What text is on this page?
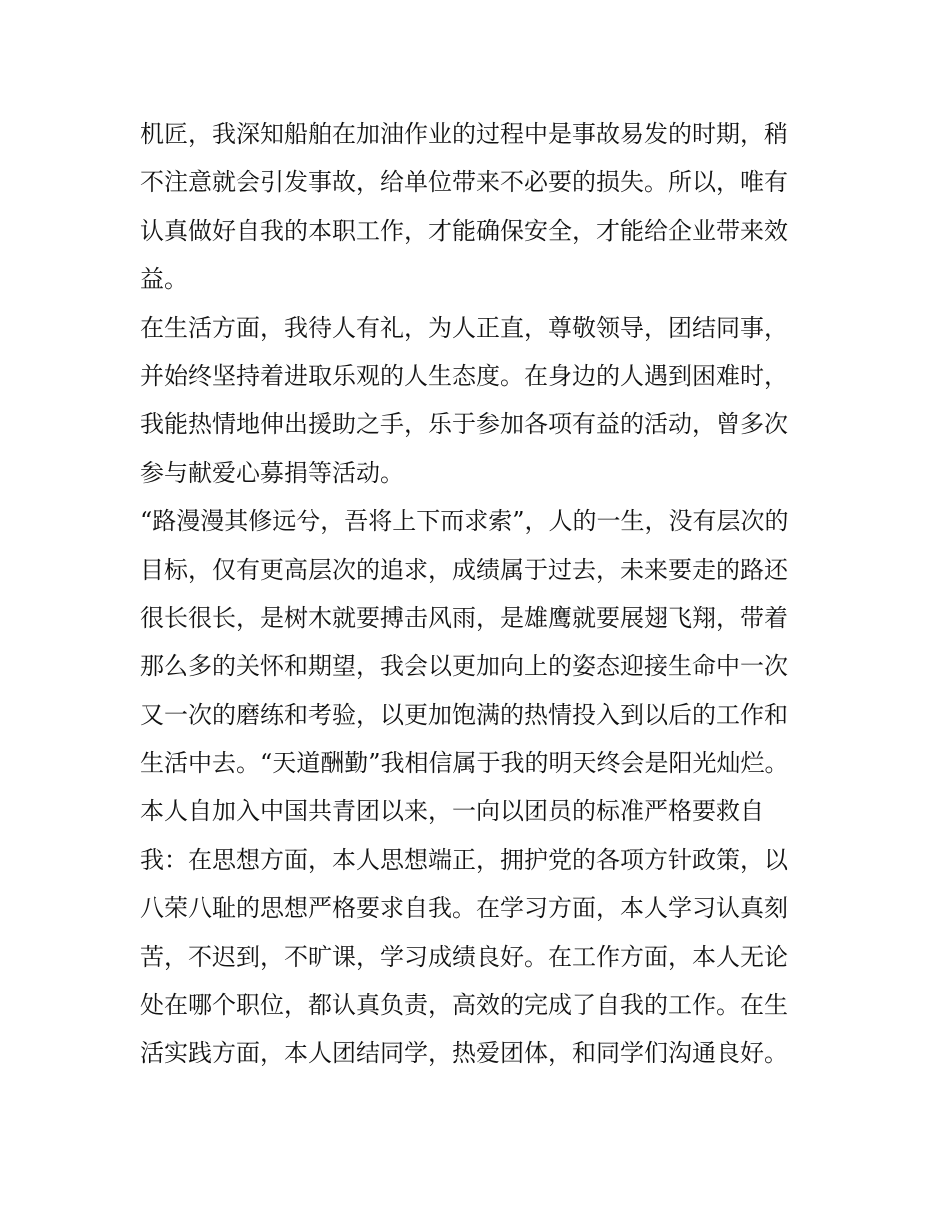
机匠，我深知船舶在加油作业的过程中是事故易发的时期，稍
不注意就会引发事故，给单位带来不必要的损失。所以，唯有
认真做好自我的本职工作，才能确保安全，才能给企业带来效
益。
在生活方面，我待人有礼，为人正直，尊敬领导，团结同事，
并始终坚持着进取乐观的人生态度。在身边的人遇到困难时，
我能热情地伸出援助之手，乐于参加各项有益的活动，曾多次
参与献爱心募捐等活动。
“路漫漫其修远兮，吾将上下而求索”，人的一生，没有层次的
目标，仅有更高层次的追求，成绩属于过去，未来要走的路还
很长很长，是树木就要搏击风雨，是雄鹰就要展翅飞翔，带着
那么多的关怀和期望，我会以更加向上的姿态迎接生命中一次
又一次的磨练和考验，以更加饱满的热情投入到以后的工作和
生活中去。“天道酬勤”我相信属于我的明天终会是阳光灿烂。
本人自加入中国共青团以来，一向以团员的标准严格要救自
我：在思想方面，本人思想端正，拥护党的各项方针政策，以
八荣八耻的思想严格要求自我。在学习方面，本人学习认真刻
苦，不迟到，不旷课，学习成绩良好。在工作方面，本人无论
处在哪个职位，都认真负责，高效的完成了自我的工作。在生
活实践方面，本人团结同学，热爱团体，和同学们沟通良好。
